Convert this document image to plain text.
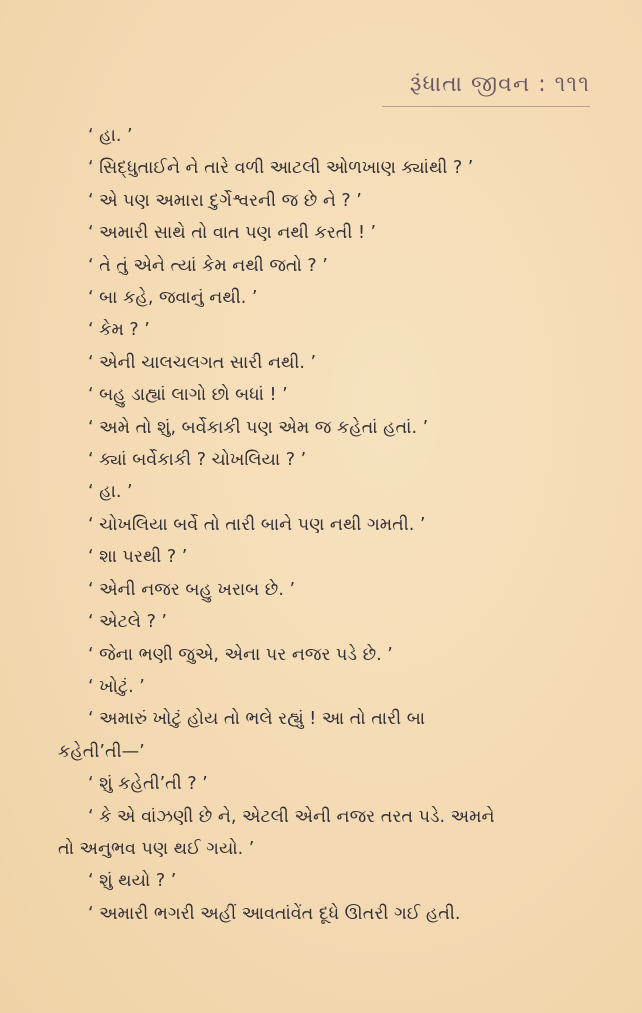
રૂંધાતા જીવન : ૧૧૧
‘ હા. ’
‘ સિદ્ધુતાઈને ને તારે વળી આટલી ઓળખાણ ક્યાંથી ? ’
‘ એ પણ અમારા દુર્ગેશ્વરની જ છે ને ? ’
‘ અમારી સાથે તો વાત પણ નથી કરતી ! ’
‘ તે તું એને ત્યાં કેમ નથી જતો ? ’
‘ બા કહે, જવાનું નથી. ’
‘ કેમ ? ’
‘ એની ચાલચલગત સારી નથી. ’
‘ બહુ ડાહ્યાં લાગો છો બધાં ! ’
‘ અમે તો શું, બર્વેકાકી પણ એમ જ કહેતાં હતાં. ’
‘ ક્યાં બર્વેકાકી ? ચોખલિયા ? ’
‘ હા. ’
‘ ચોખલિયા બર્વે તો તારી બાને પણ નથી ગમતી. ’
‘ શા પરથી ? ’
‘ એની નજર બહુ ખરાબ છે. ’
‘ એટલે ? ’
‘ જેના ભણી જુએ, એના પર નજર પડે છે. ’
‘ ખોટું. ’
‘ અમારું ખોટું હોય તો ભલે રહ્યું ! આ તો તારી બા
કહેતી’તી—’
‘ શું કહેતી’તી ? ’
‘ કે એ વાંઝણી છે ને, એટલી એની નજર તરત પડે. અમને
તો અનુભવ પણ થઈ ગયો. ’
‘ શું થયો ? ’
‘ અમારી ભગરી અહીં આવતાંવેંત દૂધે ઊતરી ગઈ હતી.
